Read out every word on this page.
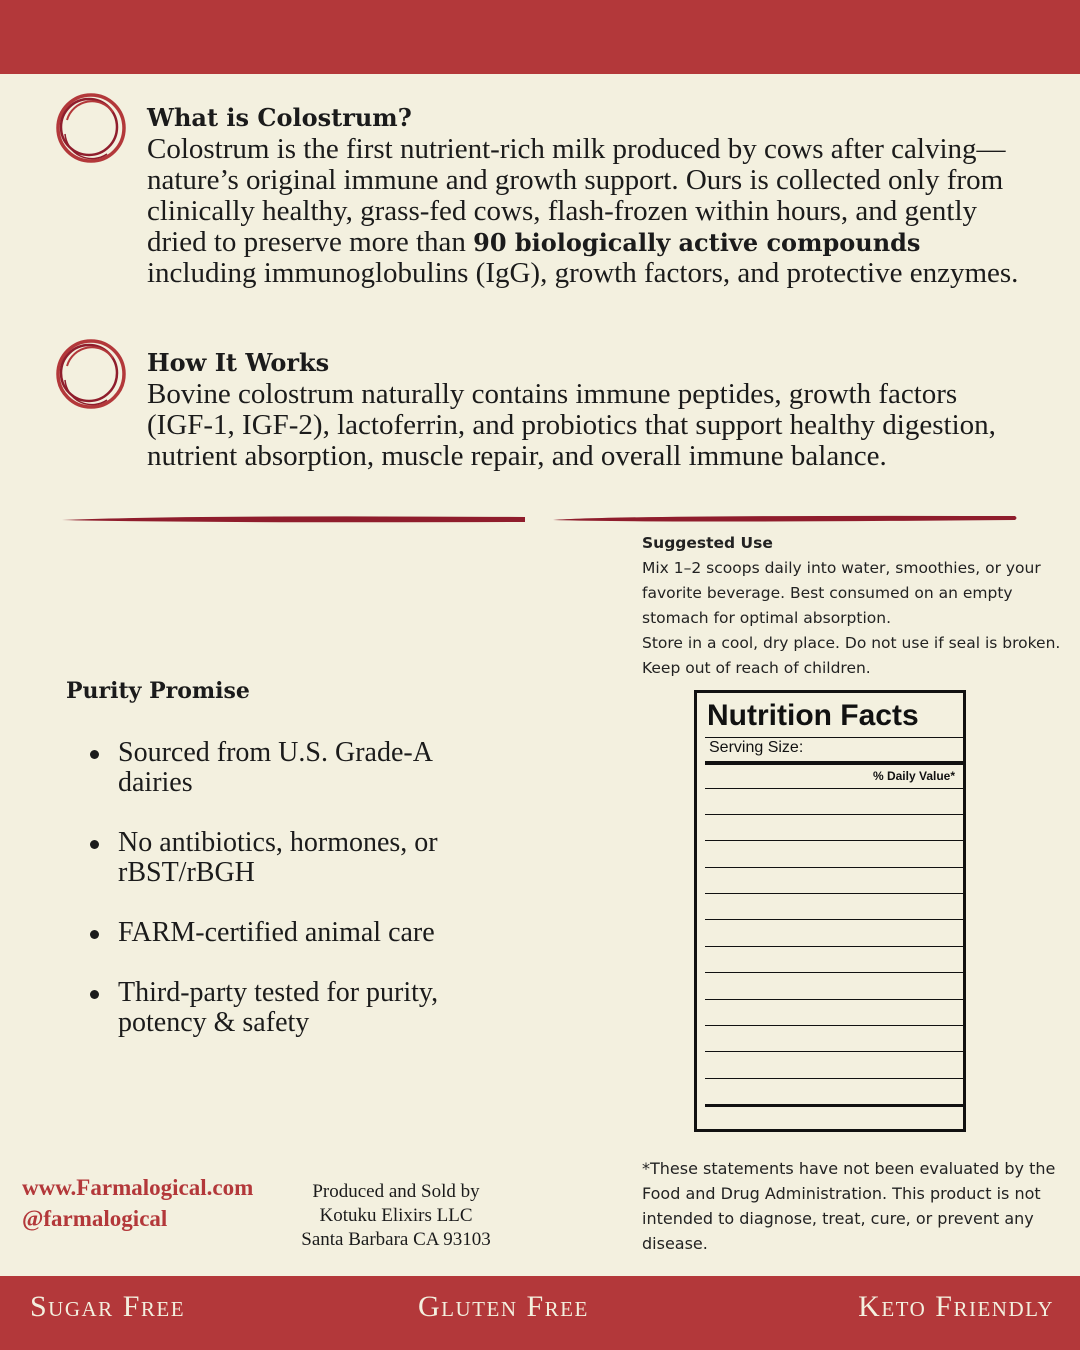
What is Colostrum?

Colostrum is the first nutrient-rich milk produced by cows after calving—nature’s original immune and growth support. Ours is collected only from clinically healthy, grass-fed cows, flash-frozen within hours, and gently dried to preserve more than 90 biologically active compounds including immunoglobulins (IgG), growth factors, and protective enzymes.

How It Works

Bovine colostrum naturally contains immune peptides, growth factors (IGF-1, IGF-2), lactoferrin, and probiotics that support healthy digestion, nutrient absorption, muscle repair, and overall immune balance.

Purity Promise
Sourced from U.S. Grade-A dairies
No antibiotics, hormones, or rBST/rBGH
FARM-certified animal care
Third-party tested for purity, potency & safety
Suggested Use
Mix 1–2 scoops daily into water, smoothies, or your favorite beverage. Best consumed on an empty stomach for optimal absorption.
Store in a cool, dry place. Do not use if seal is broken. Keep out of reach of children.
Nutrition Facts
Serving Size:
% Daily Value*
*These statements have not been evaluated by the Food and Drug Administration. This product is not intended to diagnose, treat, cure, or prevent any disease.
www.Farmalogical.com
@farmalogical
Produced and Sold by
Kotuku Elixirs LLC
Santa Barbara CA 93103
Sugar Free	Gluten Free	Keto Friendly
